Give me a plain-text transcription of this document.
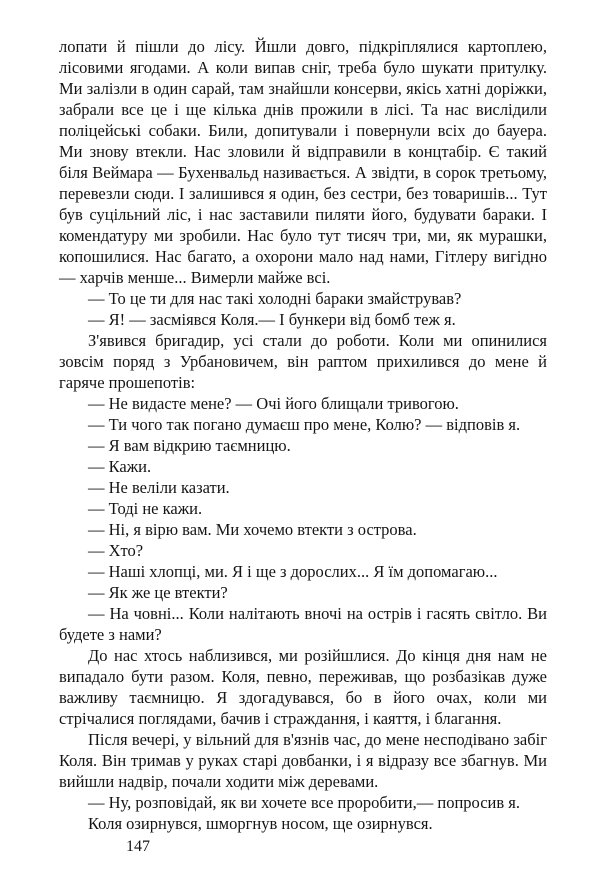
лопати й пішли до лісу. Йшли довго, підкріплялися картоплею, лісовими ягодами. А коли випав сніг, треба було шукати притулку. Ми залізли в один сарай, там знайшли консерви, якісь хатні доріжки, забрали все це і ще кілька днів прожили в лісі. Та нас вислідили поліцейські собаки. Били, допитували і повернули всіх до бауера. Ми знову втекли. Нас зловили й відправили в концтабір. Є такий біля Веймара — Бухенвальд називається. А звідти, в сорок третьому, перевезли сюди. І залишився я один, без сестри, без товаришів... Тут був суцільний ліс, і нас заставили пиляти його, будувати бараки. І комендатуру ми зробили. Нас було тут тисяч три, ми, як мурашки, копошилися. Нас багато, а охорони мало над нами, Гітлеру вигідно — харчів менше... Вимерли майже всі.

— То це ти для нас такі холодні бараки змайстрував?

— Я! — засміявся Коля.— І бункери від бомб теж я.

З'явився бригадир, усі стали до роботи. Коли ми опинилися зовсім поряд з Урбановичем, він раптом прихилився до мене й гаряче прошепотів:

— Не видасте мене? — Очі його блищали тривогою.

— Ти чого так погано думаєш про мене, Колю? — відповів я.

— Я вам відкрию таємницю.

— Кажи.

— Не веліли казати.

— Тоді не кажи.

— Ні, я вірю вам. Ми хочемо втекти з острова.

— Хто?

— Наші хлопці, ми. Я і ще з дорослих... Я їм допомагаю...

— Як же це втекти?

— На човні... Коли налітають вночі на острів і гасять світло. Ви будете з нами?

До нас хтось наблизився, ми розійшлися. До кінця дня нам не випадало бути разом. Коля, певно, переживав, що розбазікав дуже важливу таємницю. Я здогадувався, бо в його очах, коли ми стрічалися поглядами, бачив і страждання, і каяття, і благання.

Після вечері, у вільний для в'язнів час, до мене несподівано забіг Коля. Він тримав у руках старі довбанки, і я відразу все збагнув. Ми вийшли надвір, почали ходити між деревами.

— Ну, розповідай, як ви хочете все проробити,— попросив я.

Коля озирнувся, шморгнув носом, ще озирнувся.

147
